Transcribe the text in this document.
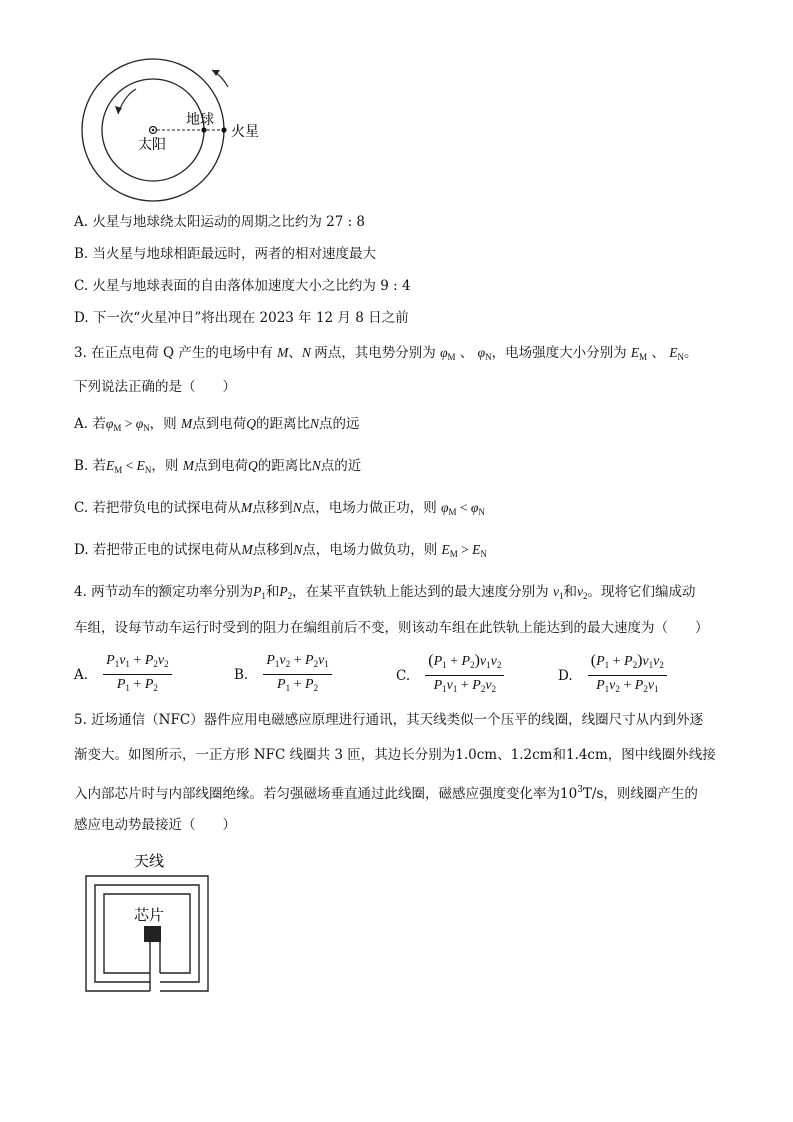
地球
太阳
火星
A. 火星与地球绕太阳运动的周期之比约为 27 : 8
B. 当火星与地球相距最远时，两者的相对速度最大
C. 火星与地球表面的自由落体加速度大小之比约为 9 : 4
D. 下一次“火星冲日”将出现在 2023 年 12 月 8 日之前
3. 在正点电荷 Q 产生的电场中有 M、N 两点，其电势分别为 $\varphi_M$ 、 $\varphi_N$，电场强度大小分别为 $E_M$ 、 $E_N$。
下列说法正确的是（　　）
A. 若$\varphi_M > \varphi_N$，则 M点到电荷Q的距离比N点的远
B. 若$E_M < E_N$，则 M点到电荷Q的距离比N点的近
C. 若把带负电的试探电荷从M点移到N点，电场力做正功，则 $\varphi_M < \varphi_N$
D. 若把带正电的试探电荷从M点移到N点，电场力做负功，则 $E_M > E_N$
4. 两节动车的额定功率分别为$P_1$和$P_2$，在某平直铁轨上能达到的最大速度分别为 $v_1$和$v_2$。现将它们编成动
车组，设每节动车运行时受到的阻力在编组前后不变，则该动车组在此铁轨上能达到的最大速度为（　　）
A. $\frac{P_1v_1 + P_2v_2}{P_1 + P_2}$	B. $\frac{P_1v_2 + P_2v_1}{P_1 + P_2}$	C. $\frac{(P_1 + P_2)v_1v_2}{P_1v_1 + P_2v_2}$	D. $\frac{(P_1 + P_2)v_1v_2}{P_1v_2 + P_2v_1}$
5. 近场通信（NFC）器件应用电磁感应原理进行通讯，其天线类似一个压平的线圈，线圈尺寸从内到外逐
渐变大。如图所示，一正方形 NFC 线圈共 3 匝，其边长分别为1.0cm、1.2cm和1.4cm，图中线圈外线接
入内部芯片时与内部线圈绝缘。若匀强磁场垂直通过此线圈，磁感应强度变化率为$10^3T/s$，则线圈产生的
感应电动势最接近（　　）
天线
芯片
